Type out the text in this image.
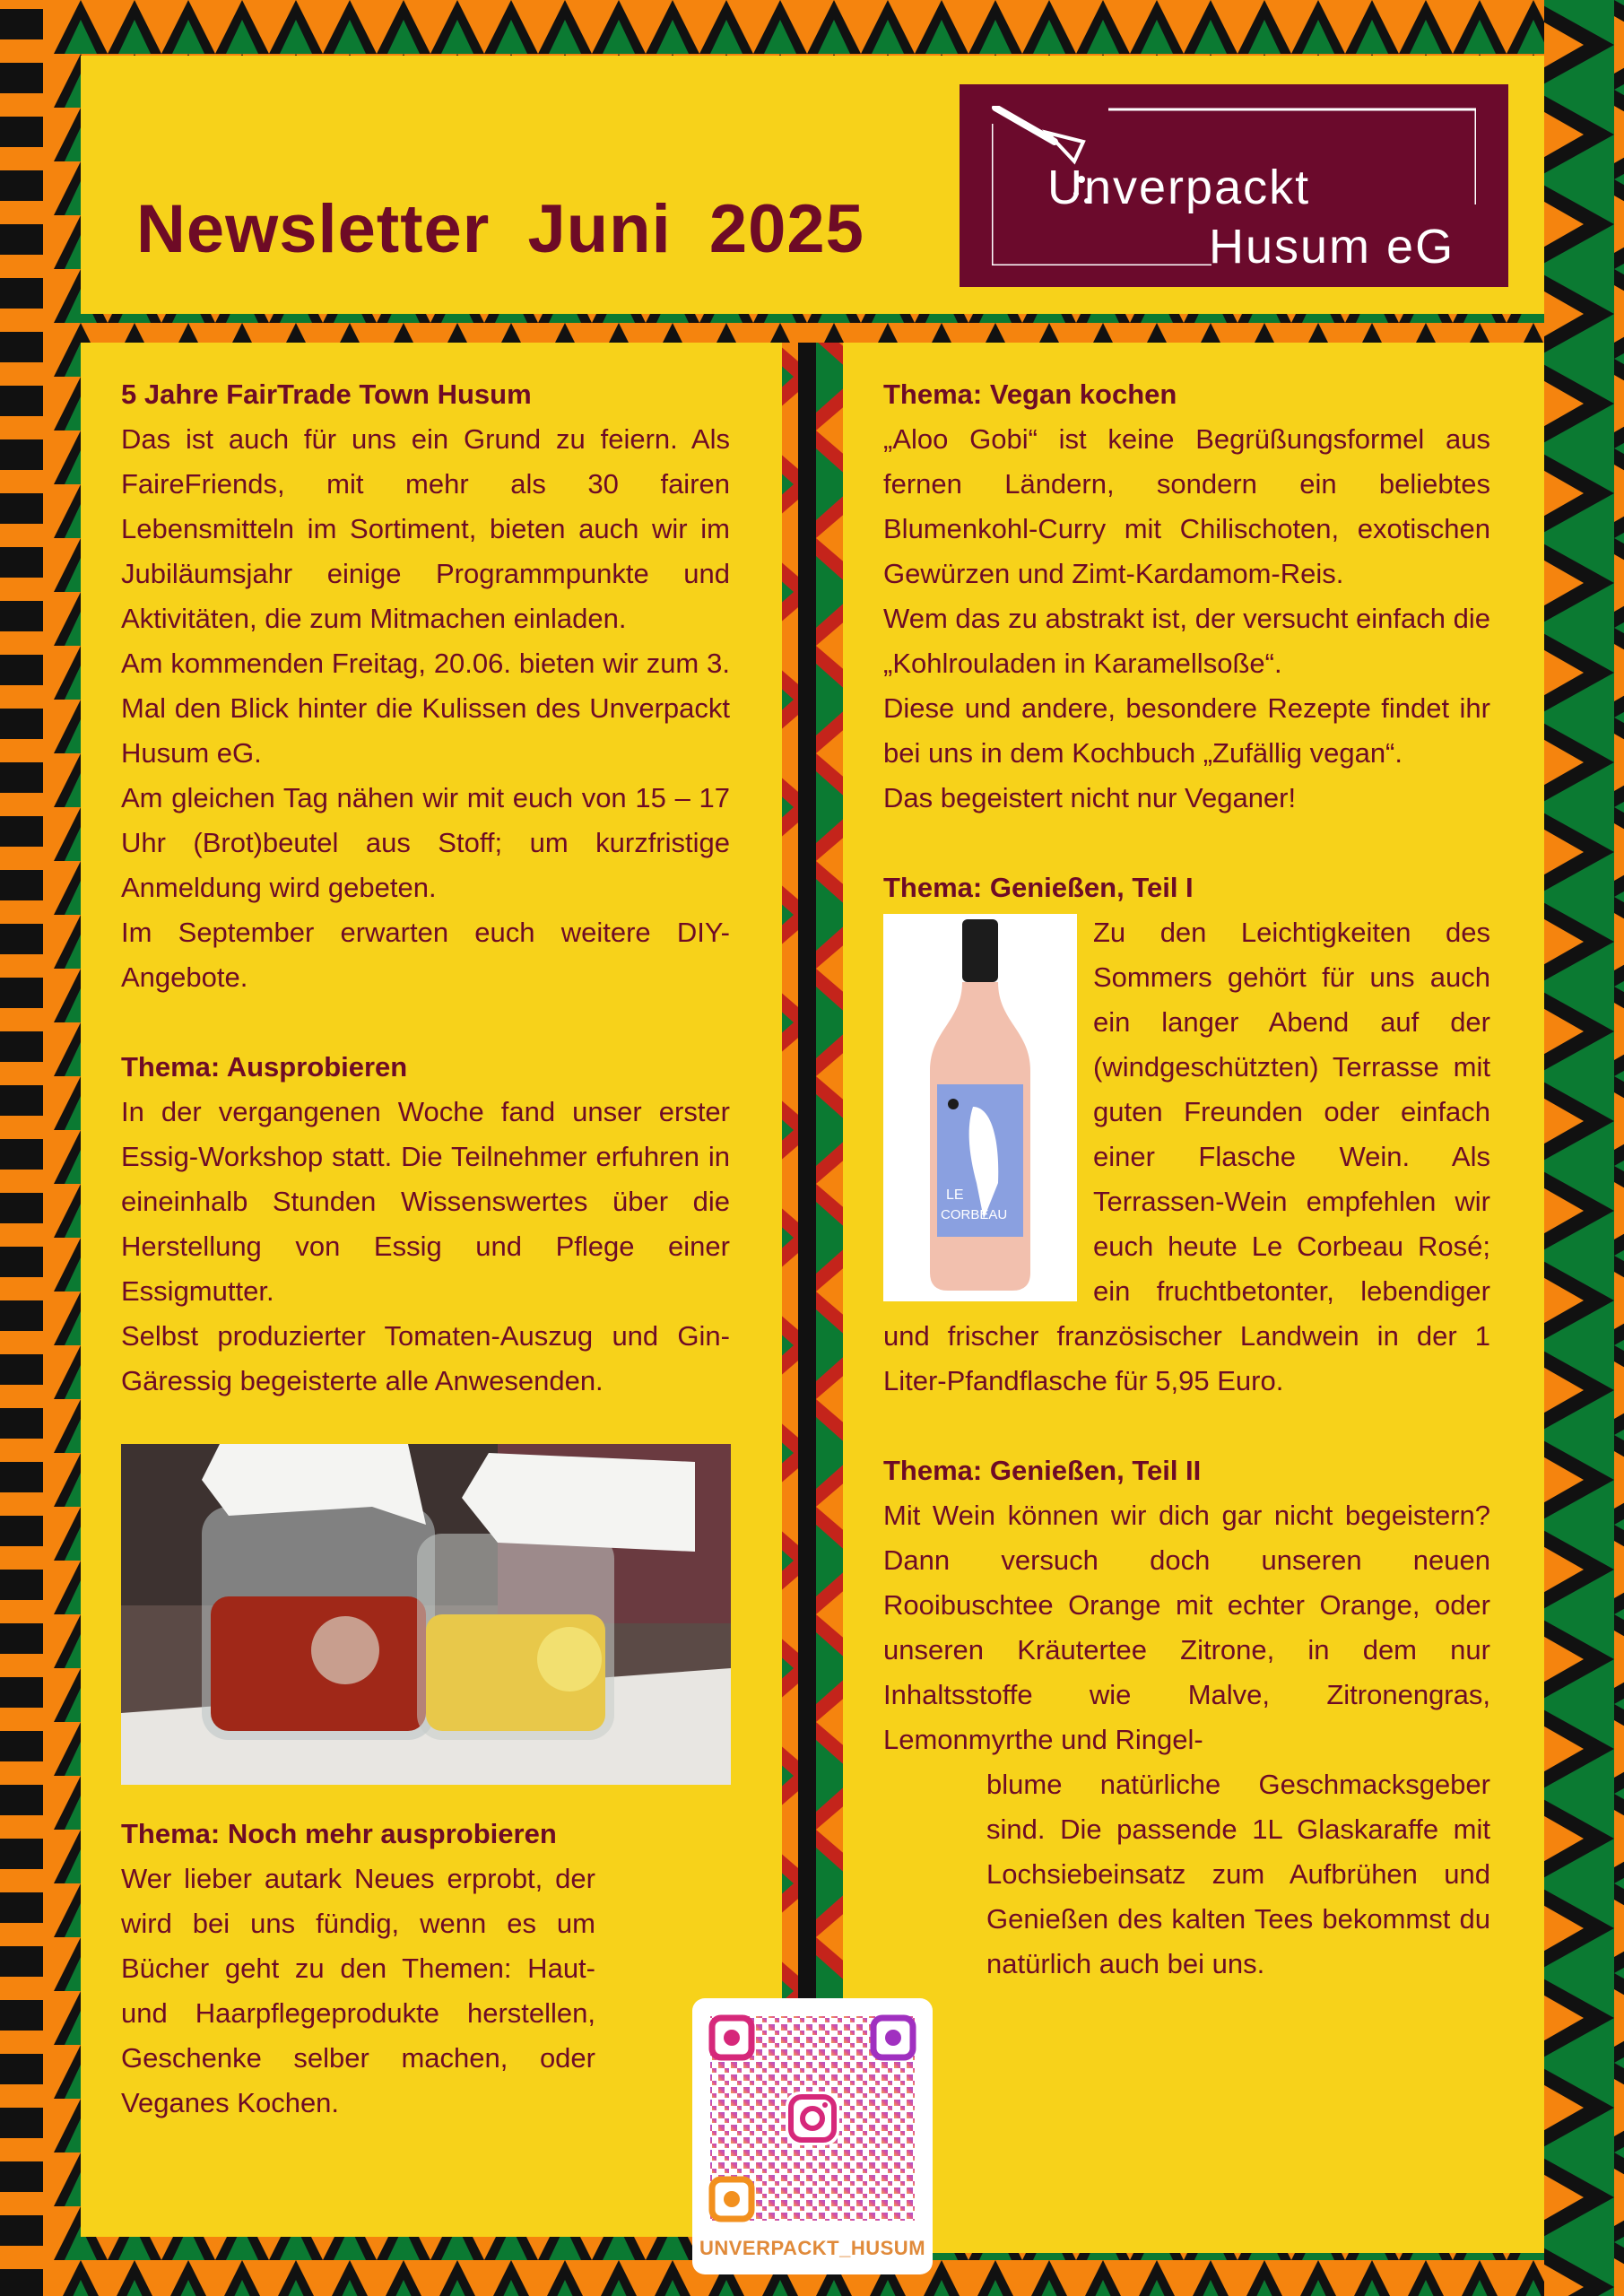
Newsletter Juni 2025
Unverpackt
Husum eG
5 Jahre FairTrade Town Husum

Das ist auch für uns ein Grund zu feiern. Als FaireFriends, mit mehr als 30 fairen Lebensmitteln im Sortiment, bieten auch wir im Jubiläumsjahr einige Programmpunkte und Aktivitäten, die zum Mitmachen einladen.

Am kommenden Freitag, 20.06. bieten wir zum 3. Mal den Blick hinter die Kulissen des Unverpackt Husum eG.

Am gleichen Tag nähen wir mit euch von 15 – 17 Uhr (Brot)beutel aus Stoff; um kurzfristige Anmeldung wird gebeten.

Im September erwarten euch weitere DIY-Angebote.

Thema: Ausprobieren

In der vergangenen Woche fand unser erster Essig-Workshop statt. Die Teilnehmer erfuhren in eineinhalb Stunden Wissenswertes über die Herstellung von Essig und Pflege einer Essigmutter.

Selbst produzierter Tomaten-Auszug und Gin-Gäressig begeisterte alle Anwesenden.

Thema: Noch mehr ausprobieren

Wer lieber autark Neues erprobt, der wird bei uns fündig, wenn es um Bücher geht zu den Themen: Haut- und Haarpflegeprodukte herstellen, Geschenke selber machen, oder Veganes Kochen.

Thema: Vegan kochen

„Aloo Gobi“ ist keine Begrüßungsformel aus fernen Ländern, sondern ein beliebtes Blumenkohl-Curry mit Chilischoten, exotischen Gewürzen und Zimt-Kardamom-Reis.

Wem das zu abstrakt ist, der versucht einfach die „Kohlrouladen in Karamellsoße“.

Diese und andere, besondere Rezepte findet ihr bei uns in dem Kochbuch „Zufällig vegan“.

Das begeistert nicht nur Veganer!

Thema: Genießen, Teil I
LE
CORBEAU

Zu den Leichtigkeiten des Sommers gehört für uns auch ein langer Abend auf der (windgeschützten) Terrasse mit guten Freunden oder einfach einer Flasche Wein. Als Terrassen-Wein empfehlen wir euch heute Le Corbeau Rosé; ein fruchtbetonter, lebendiger und frischer französischer Landwein in der 1 Liter-Pfandflasche für 5,95 Euro.

Thema: Genießen, Teil II

Mit Wein können wir dich gar nicht begeistern? Dann versuch doch unseren neuen Rooibuschtee Orange mit echter Orange, oder unseren Kräutertee Zitrone, in dem nur Inhaltsstoffe wie Malve, Zitronengras, Lemonmyrthe und Ringel-

blume natürliche Geschmacksgeber sind. Die passende 1L Glaskaraffe mit Lochsiebeinsatz zum Aufbrühen und Genießen des kalten Tees bekommst du natürlich auch bei uns.

UNVERPACKT_HUSUM
